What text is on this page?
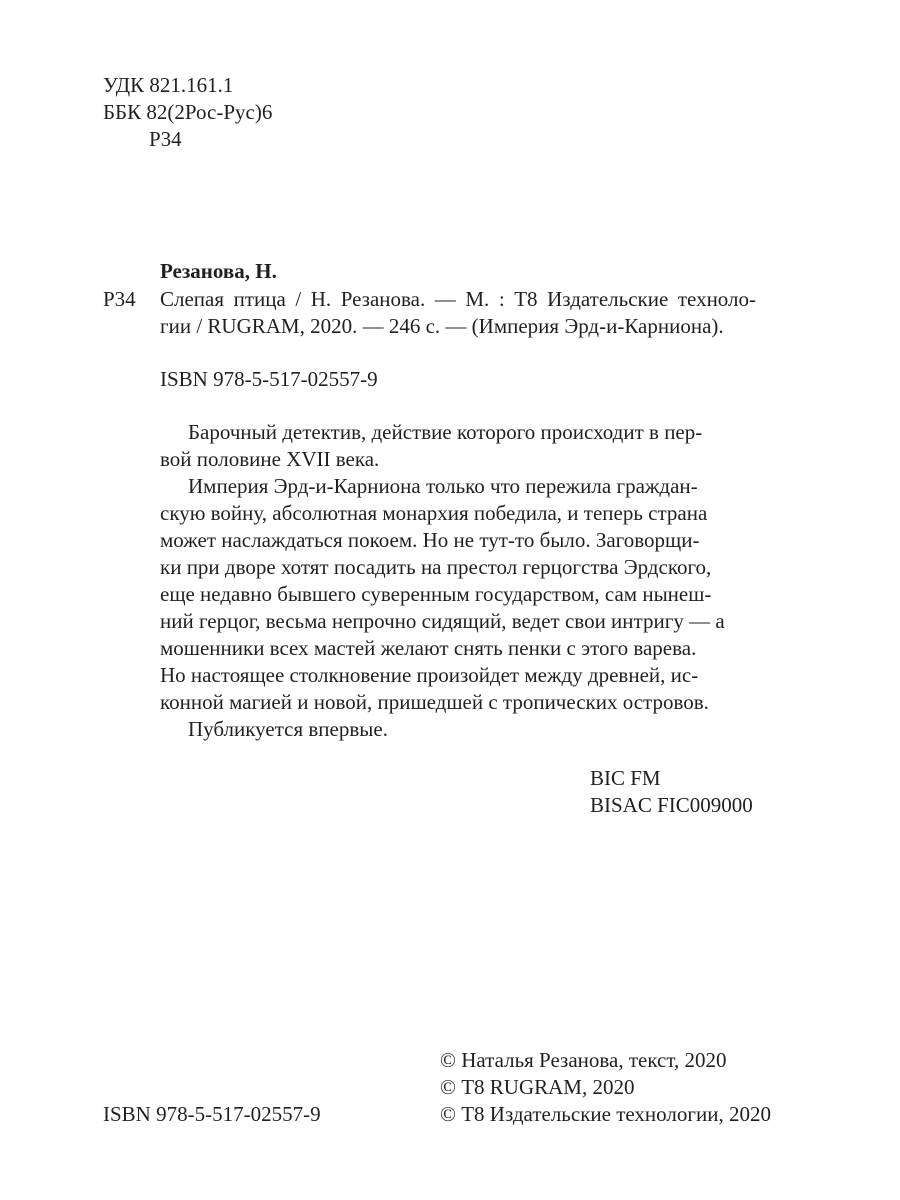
УДК 821.161.1
ББК 82(2Рос-Рус)6
Р34
Резанова, Н.
Р34 Слепая птица / Н. Резанова. — М. : Т8 Издательские техноло-
гии / RUGRAM, 2020. — 246 с. — (Империя Эрд-и-Карниона).
ISBN 978-5-517-02557-9
Барочный детектив, действие которого происходит в пер-
вой половине XVII века.
Империя Эрд-и-Карниона только что пережила граждан-
скую войну, абсолютная монархия победила, и теперь страна
может наслаждаться покоем. Но не тут-то было. Заговорщи-
ки при дворе хотят посадить на престол герцогства Эрдского,
еще недавно бывшего суверенным государством, сам нынеш-
ний герцог, весьма непрочно сидящий, ведет свои интригу — а
мошенники всех мастей желают снять пенки с этого варева.
Но настоящее столкновение произойдет между древней, ис-
конной магией и новой, пришедшей с тропических островов.
Публикуется впервые.
BIC FM
BISAC FIC009000
ISBN 978-5-517-02557-9
© Наталья Резанова, текст, 2020
© Т8 RUGRAM, 2020
© Т8 Издательские технологии, 2020
